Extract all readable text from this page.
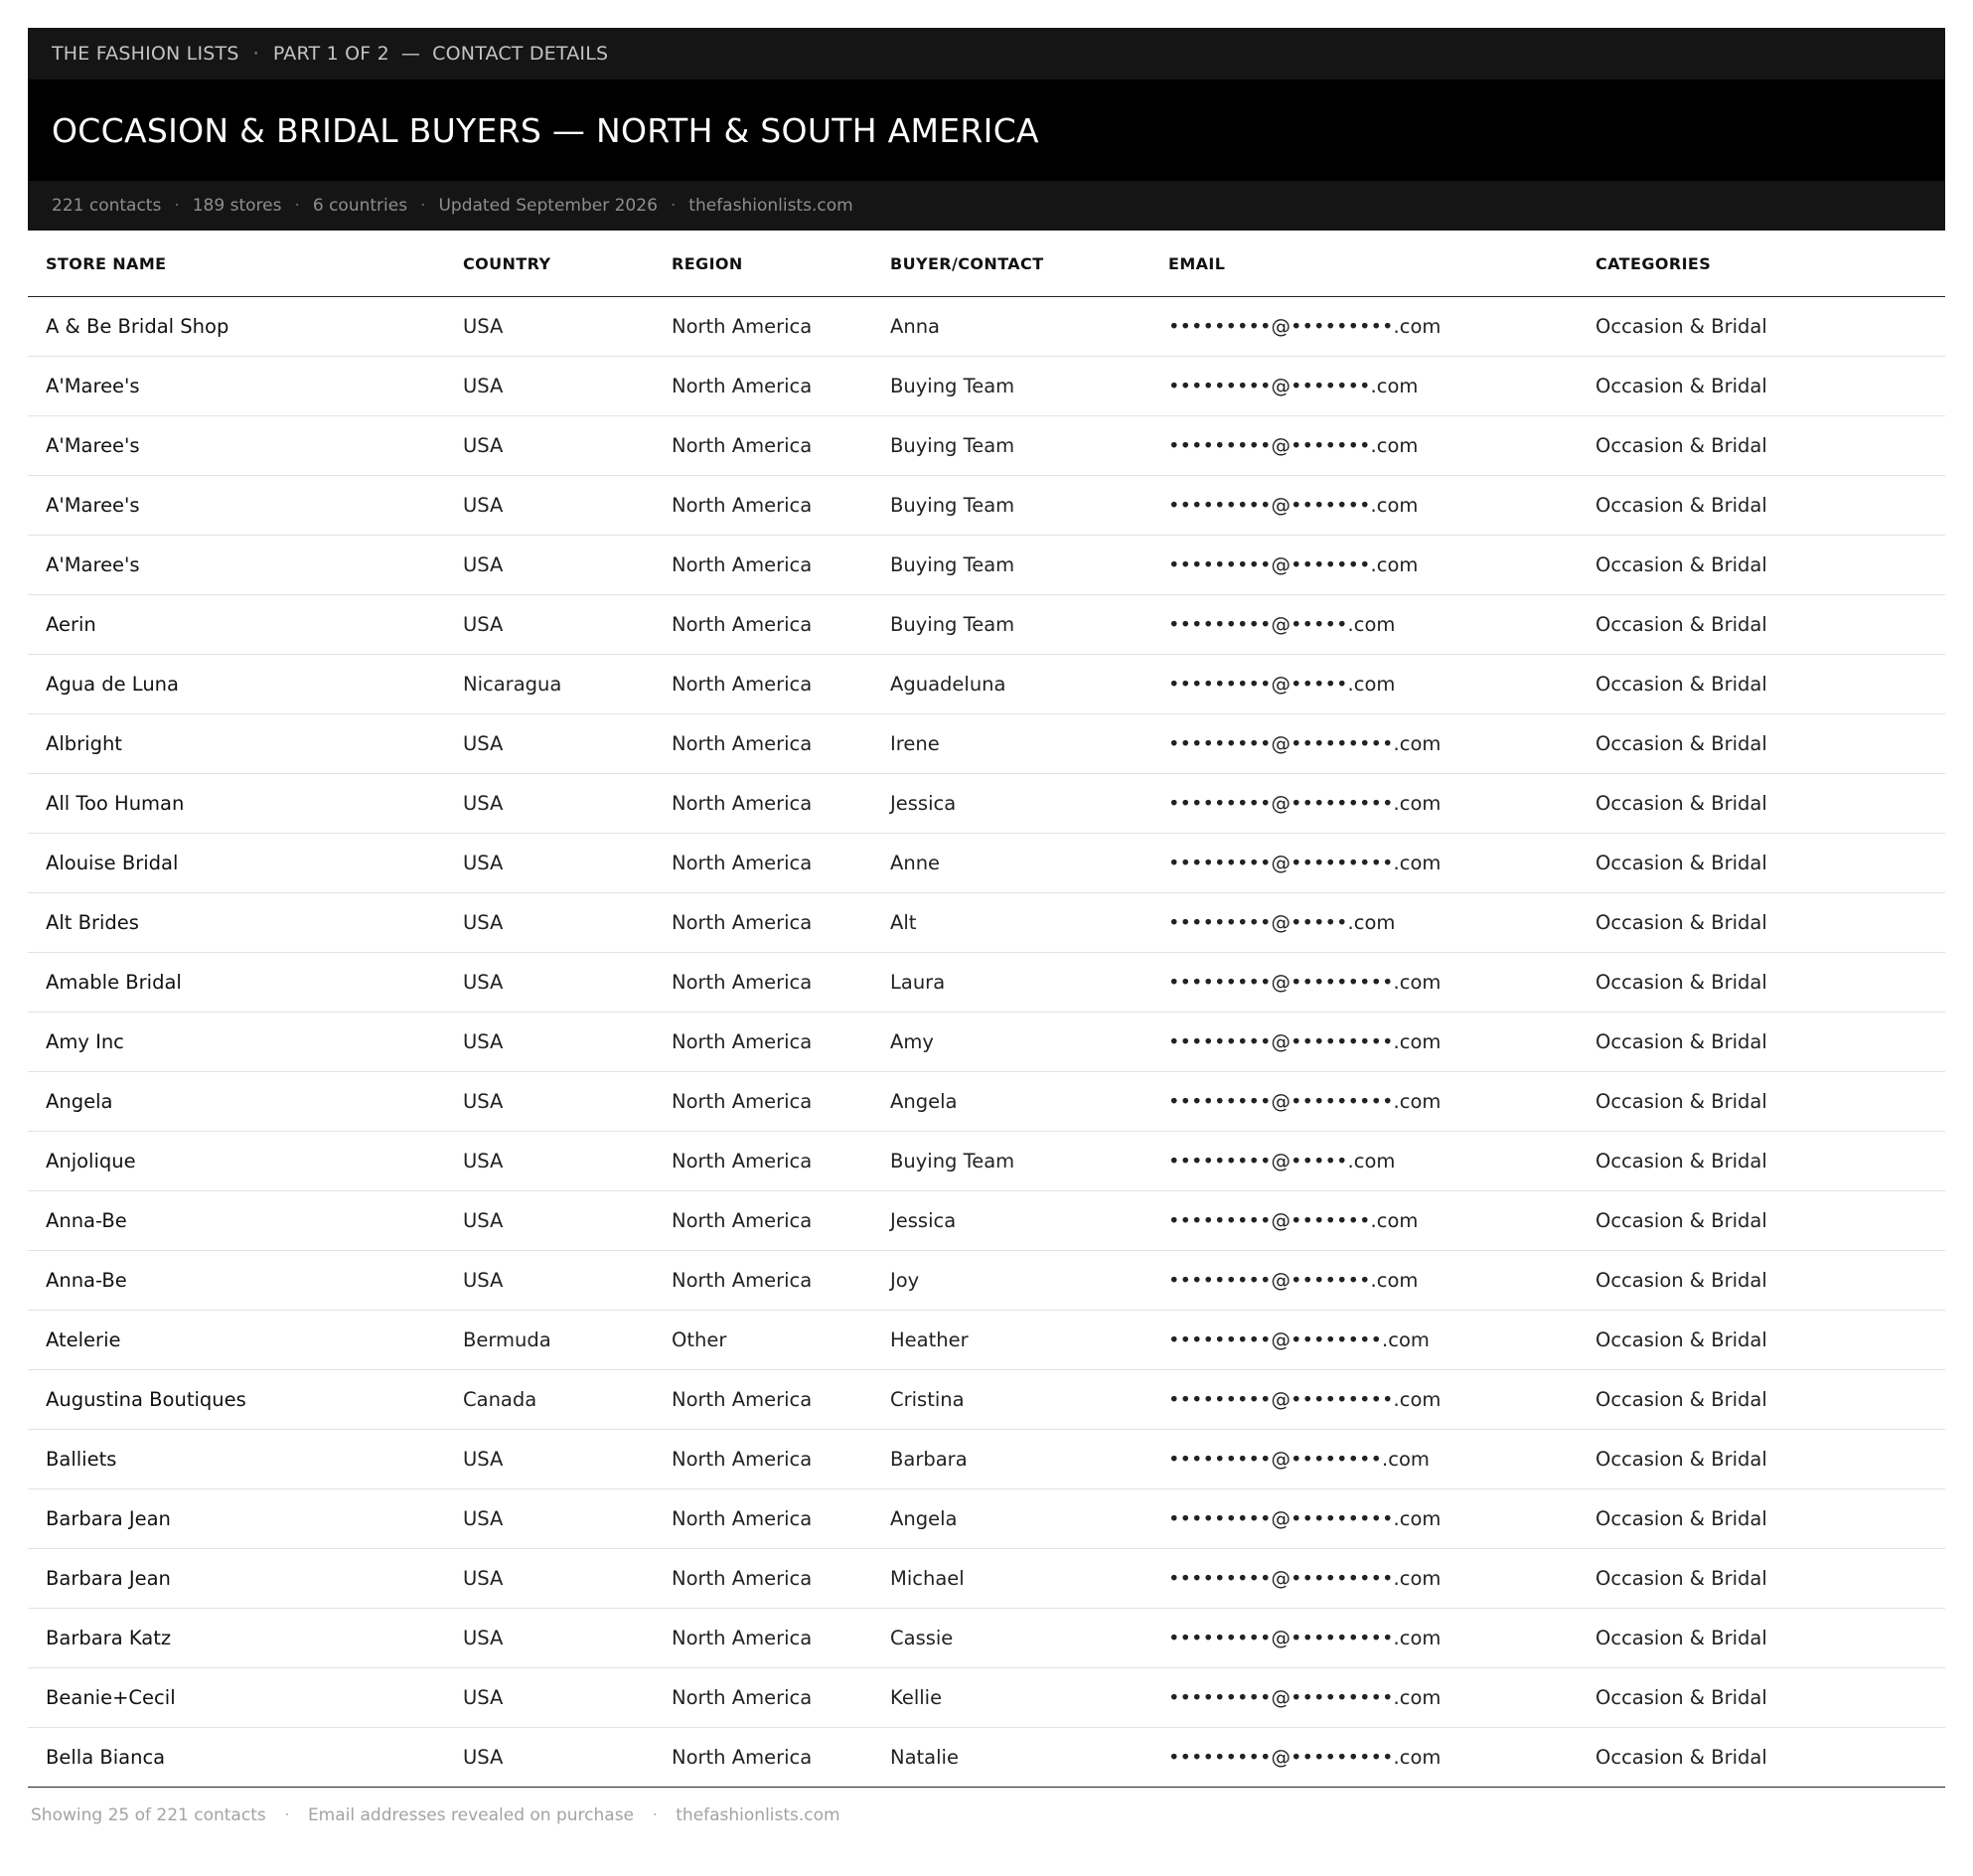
THE FASHION LISTS · PART 1 OF 2 — CONTACT DETAILS
OCCASION & BRIDAL BUYERS — NORTH & SOUTH AMERICA
221 contacts · 189 stores · 6 countries · Updated September 2026 · thefashionlists.com
STORE NAME	COUNTRY	REGION	BUYER/CONTACT	EMAIL	CATEGORIES
A & Be Bridal Shop	USA	North America	Anna	•••••••••@•••••••••.com	Occasion & Bridal
A'Maree's	USA	North America	Buying Team	•••••••••@•••••••.com	Occasion & Bridal
A'Maree's	USA	North America	Buying Team	•••••••••@•••••••.com	Occasion & Bridal
A'Maree's	USA	North America	Buying Team	•••••••••@•••••••.com	Occasion & Bridal
A'Maree's	USA	North America	Buying Team	•••••••••@•••••••.com	Occasion & Bridal
Aerin	USA	North America	Buying Team	•••••••••@•••••.com	Occasion & Bridal
Agua de Luna	Nicaragua	North America	Aguadeluna	•••••••••@•••••.com	Occasion & Bridal
Albright	USA	North America	Irene	•••••••••@•••••••••.com	Occasion & Bridal
All Too Human	USA	North America	Jessica	•••••••••@•••••••••.com	Occasion & Bridal
Alouise Bridal	USA	North America	Anne	•••••••••@•••••••••.com	Occasion & Bridal
Alt Brides	USA	North America	Alt	•••••••••@•••••.com	Occasion & Bridal
Amable Bridal	USA	North America	Laura	•••••••••@•••••••••.com	Occasion & Bridal
Amy Inc	USA	North America	Amy	•••••••••@•••••••••.com	Occasion & Bridal
Angela	USA	North America	Angela	•••••••••@•••••••••.com	Occasion & Bridal
Anjolique	USA	North America	Buying Team	•••••••••@•••••.com	Occasion & Bridal
Anna-Be	USA	North America	Jessica	•••••••••@•••••••.com	Occasion & Bridal
Anna-Be	USA	North America	Joy	•••••••••@•••••••.com	Occasion & Bridal
Atelerie	Bermuda	Other	Heather	•••••••••@••••••••.com	Occasion & Bridal
Augustina Boutiques	Canada	North America	Cristina	•••••••••@•••••••••.com	Occasion & Bridal
Balliets	USA	North America	Barbara	•••••••••@••••••••.com	Occasion & Bridal
Barbara Jean	USA	North America	Angela	•••••••••@•••••••••.com	Occasion & Bridal
Barbara Jean	USA	North America	Michael	•••••••••@•••••••••.com	Occasion & Bridal
Barbara Katz	USA	North America	Cassie	•••••••••@•••••••••.com	Occasion & Bridal
Beanie+Cecil	USA	North America	Kellie	•••••••••@•••••••••.com	Occasion & Bridal
Bella Bianca	USA	North America	Natalie	•••••••••@•••••••••.com	Occasion & Bridal
Showing 25 of 221 contacts · Email addresses revealed on purchase · thefashionlists.com
